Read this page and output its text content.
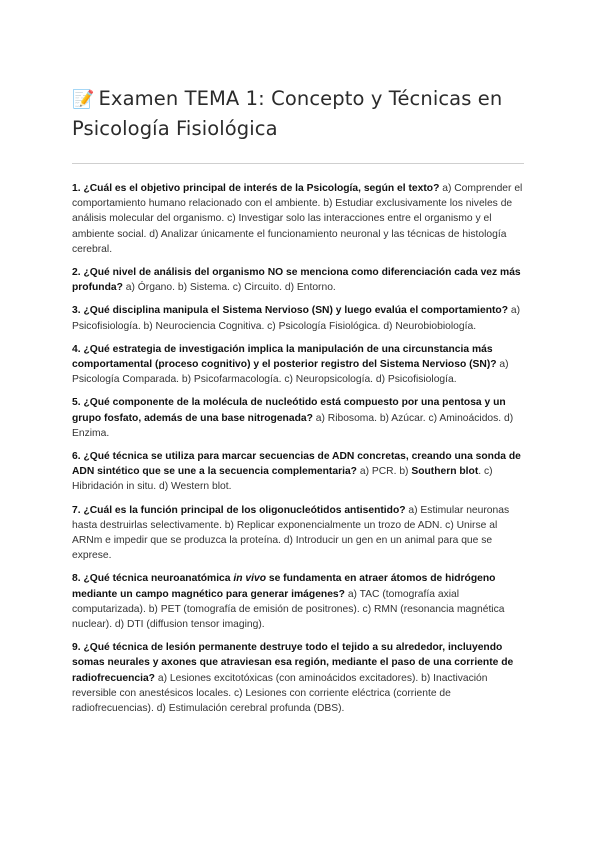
📝 Examen TEMA 1: Concepto y Técnicas en
Psicología Fisiológica

1. ¿Cuál es el objetivo principal de interés de la Psicología, según el texto? a) Comprender el comportamiento humano relacionado con el ambiente. b) Estudiar exclusivamente los niveles de análisis molecular del organismo. c) Investigar solo las interacciones entre el organismo y el ambiente social. d) Analizar únicamente el funcionamiento neuronal y las técnicas de histología cerebral.

2. ¿Qué nivel de análisis del organismo NO se menciona como diferenciación cada vez más profunda? a) Órgano. b) Sistema. c) Circuito. d) Entorno.

3. ¿Qué disciplina manipula el Sistema Nervioso (SN) y luego evalúa el comportamiento? a) Psicofisiología. b) Neurociencia Cognitiva. c) Psicología Fisiológica. d) Neurobiobiología.

4. ¿Qué estrategia de investigación implica la manipulación de una circunstancia más comportamental (proceso cognitivo) y el posterior registro del Sistema Nervioso (SN)? a) Psicología Comparada. b) Psicofarmacología. c) Neuropsicología. d) Psicofisiología.

5. ¿Qué componente de la molécula de nucleótido está compuesto por una pentosa y un grupo fosfato, además de una base nitrogenada? a) Ribosoma. b) Azúcar. c) Aminoácidos. d) Enzima.

6. ¿Qué técnica se utiliza para marcar secuencias de ADN concretas, creando una sonda de ADN sintético que se une a la secuencia complementaria? a) PCR. b) Southern blot. c) Hibridación in situ. d) Western blot.

7. ¿Cuál es la función principal de los oligonucleótidos antisentido? a) Estimular neuronas hasta destruirlas selectivamente. b) Replicar exponencialmente un trozo de ADN. c) Unirse al ARNm e impedir que se produzca la proteína. d) Introducir un gen en un animal para que se exprese.

8. ¿Qué técnica neuroanatómica in vivo se fundamenta en atraer átomos de hidrógeno mediante un campo magnético para generar imágenes? a) TAC (tomografía axial computarizada). b) PET (tomografía de emisión de positrones). c) RMN (resonancia magnética nuclear). d) DTI (diffusion tensor imaging).

9. ¿Qué técnica de lesión permanente destruye todo el tejido a su alrededor, incluyendo somas neurales y axones que atraviesan esa región, mediante el paso de una corriente de radiofrecuencia? a) Lesiones excitotóxicas (con aminoácidos excitadores). b) Inactivación reversible con anestésicos locales. c) Lesiones con corriente eléctrica (corriente de radiofrecuencias). d) Estimulación cerebral profunda (DBS).
